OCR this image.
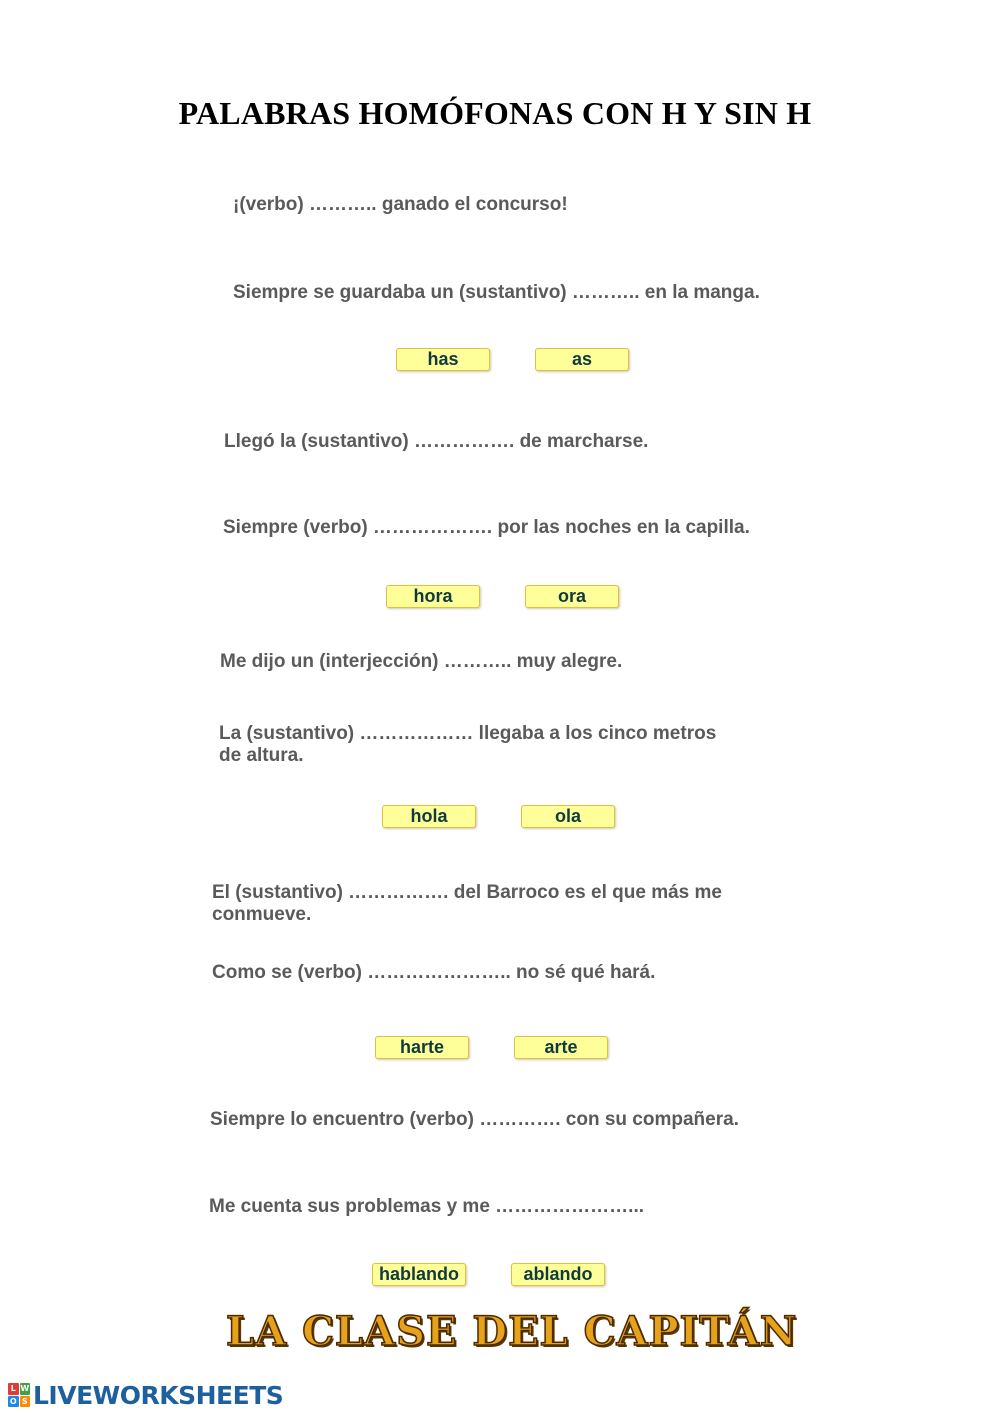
PALABRAS HOMÓFONAS CON H Y SIN H
¡(verbo) ……….. ganado el concurso!
Siempre se guardaba un (sustantivo) ……….. en la manga.
has	as
Llegó la (sustantivo) ……………. de marcharse.
Siempre (verbo) ………………. por las noches en la capilla.
hora	ora
Me dijo un (interjección) ……….. muy alegre.
La (sustantivo) ……………… llegaba a los cinco metros
de altura.
hola	ola
El (sustantivo) ……………. del Barroco es el que más me
conmueve.
Como se (verbo) ………………….. no sé qué hará.
harte	arte
Siempre lo encuentro (verbo) …………. con su compañera.
Me cuenta sus problemas y me …………………...
hablando	ablando
LA CLASE DEL CAPITÁN
L W
O S LIVEWORKSHEETS
